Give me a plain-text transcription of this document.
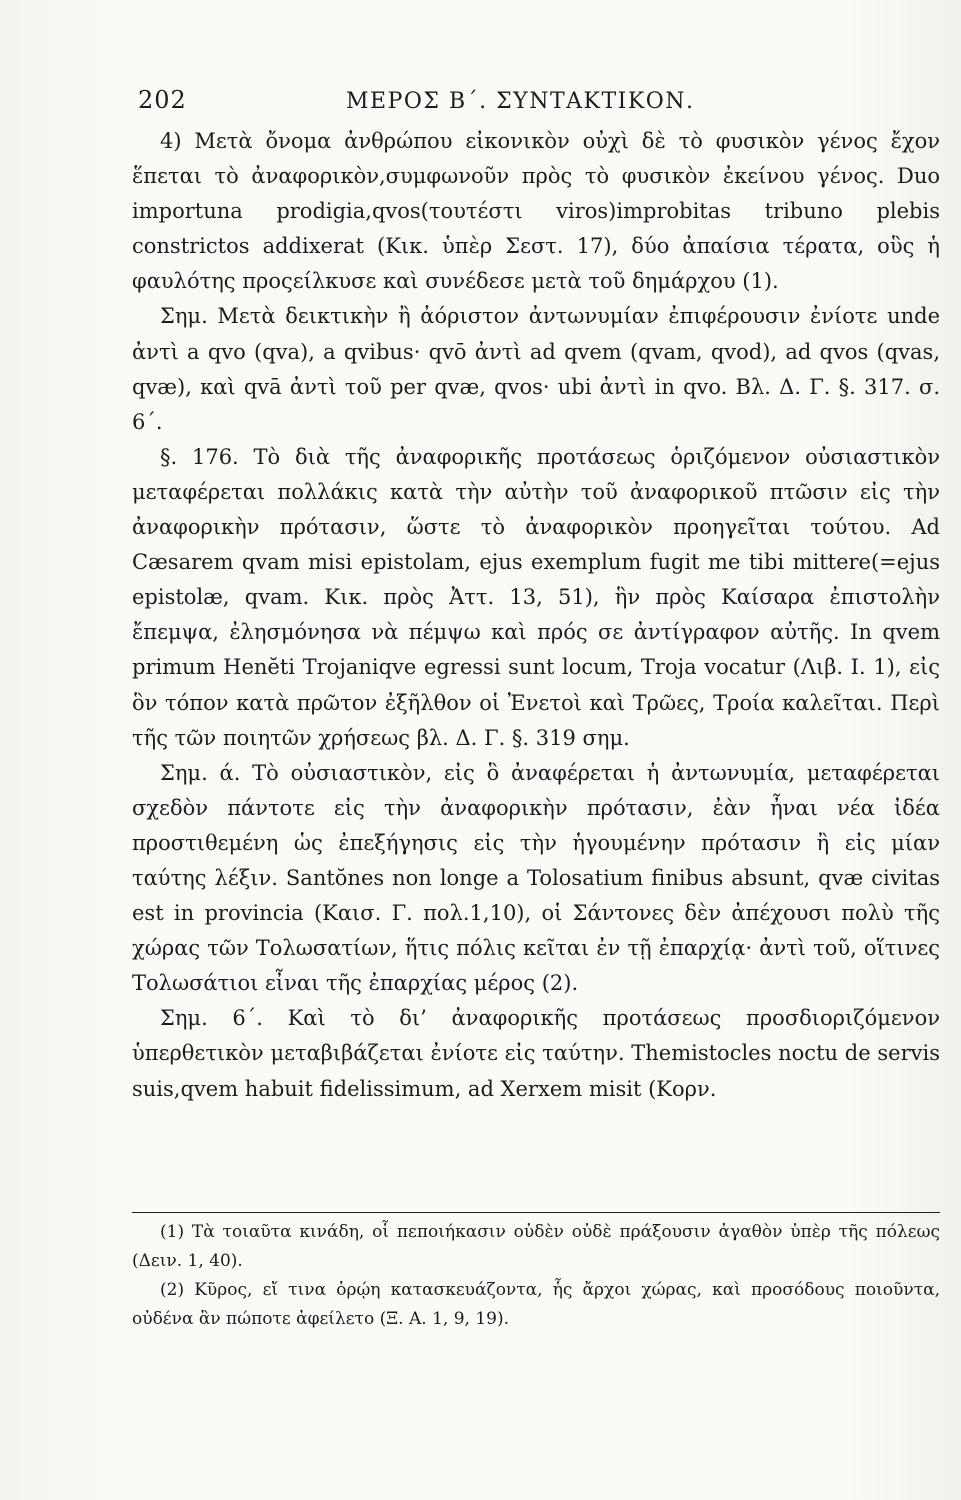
202	ΜΕΡΟΣ Β΄. ΣΥΝΤΑΚΤΙΚΟΝ.

4) Μετὰ ὄνομα ἀνθρώπου εἰκονικὸν οὐχὶ δὲ τὸ φυσικὸν γένος ἔχον ἕπεται τὸ ἀναφορικὸν,συμφωνοῦν πρὸς τὸ φυσικὸν ἐκείνου γένος. Duo importuna prodigia,qvos(τουτέστι viros)improbitas tribuno plebis constrictos addixerat (Κικ. ὑπὲρ Σεστ. 17), δύο ἀπαίσια τέρατα, οὓς ἡ φαυλότης προςείλκυσε καὶ συνέδεσε μετὰ τοῦ δημάρχου (1).

Σημ. Μετὰ δεικτικὴν ἢ ἀόριστον ἀντωνυμίαν ἐπιφέρουσιν ἐνίοτε unde ἀντὶ a qvo (qva), a qvibus· qvō ἀντὶ ad qvem (qvam, qvod), ad qvos (qvas, qvæ), καὶ qvā ἀντὶ τοῦ per qvæ, qvos· ubi ἀντὶ in qvo. Βλ. Δ. Γ. §. 317. σ. 6΄.

§. 176. Τὸ διὰ τῆς ἀναφορικῆς προτάσεως ὁριζόμενον οὐσιαστικὸν μεταφέρεται πολλάκις κατὰ τὴν αὐτὴν τοῦ ἀναφορικοῦ πτῶσιν εἰς τὴν ἀναφορικὴν πρότασιν, ὥστε τὸ ἀναφορικὸν προηγεῖται τούτου. Ad Cæsarem qvam misi epistolam, ejus exemplum fugit me tibi mittere(=ejus epistolæ, qvam. Κικ. πρὸς Ἀττ. 13, 51), ἣν πρὸς Καίσαρα ἐπιστολὴν ἔπεμψα, ἐλησμόνησα νὰ πέμψω καὶ πρός σε ἀντίγραφον αὐτῆς. In qvem primum Henĕti Trojaniqve egressi sunt locum, Troja vocatur (Λιβ. I. 1), εἰς ὃν τόπον κατὰ πρῶτον ἐξῆλθον οἱ Ἐνετοὶ καὶ Τρῶες, Τροία καλεῖται. Περὶ τῆς τῶν ποιητῶν χρήσεως βλ. Δ. Γ. §. 319 σημ.

Σημ. ά. Τὸ οὐσιαστικὸν, εἰς ὃ ἀναφέρεται ἡ ἀντωνυμία, μεταφέρεται σχεδὸν πάντοτε εἰς τὴν ἀναφορικὴν πρότασιν, ἐὰν ἦναι νέα ἰδέα προστιθεμένη ὡς ἐπεξήγησις εἰς τὴν ἡγουμένην πρότασιν ἢ εἰς μίαν ταύτης λέξιν. Santŏnes non longe a Tolosatium finibus absunt, qvæ civitas est in provincia (Καισ. Γ. πολ.1,10), οἱ Σάντονες δὲν ἀπέχουσι πολὺ τῆς χώρας τῶν Τολωσατίων, ἥτις πόλις κεῖται ἐν τῇ ἐπαρχίᾳ· ἀντὶ τοῦ, οἵτινες Τολωσάτιοι εἶναι τῆς ἐπαρχίας μέρος (2).

Σημ. 6΄. Καὶ τὸ δι’ ἀναφορικῆς προτάσεως προσδιοριζόμενον ὑπερθετικὸν μεταβιβάζεται ἐνίοτε εἰς ταύτην. Themistocles noctu de servis suis,qvem habuit fidelissimum, ad Xerxem misit (Κορν.

(1) Τὰ τοιαῦτα κινάδη, οἷ πεποιήκασιν οὐδὲν οὐδὲ πράξουσιν ἀγαθὸν ὑπὲρ τῆς πόλεως (Δειν. 1, 40).

(2) Κῦρος, εἴ τινα ὁρῴη κατασκευάζοντα, ἧς ἄρχοι χώρας, καὶ προσόδους ποιοῦντα, οὐδένα ἂν πώποτε ἀφείλετο (Ξ. Α. 1, 9, 19).
